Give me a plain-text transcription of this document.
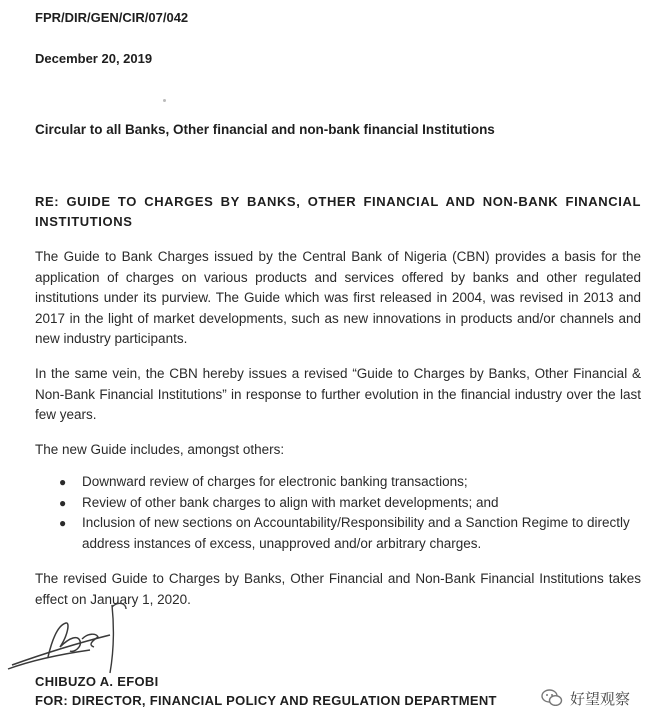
FPR/DIR/GEN/CIR/07/042
December 20, 2019
Circular to all Banks, Other financial and non-bank financial Institutions
RE: GUIDE TO CHARGES BY BANKS, OTHER FINANCIAL AND NON-BANK FINANCIAL INSTITUTIONS
The Guide to Bank Charges issued by the Central Bank of Nigeria (CBN) provides a basis for the application of charges on various products and services offered by banks and other regulated institutions under its purview. The Guide which was first released in 2004, was revised in 2013 and 2017 in the light of market developments, such as new innovations in products and/or channels and new industry participants.
In the same vein, the CBN hereby issues a revised “Guide to Charges by Banks, Other Financial & Non-Bank Financial Institutions” in response to further evolution in the financial industry over the last few years.
The new Guide includes, amongst others:
● Downward review of charges for electronic banking transactions;
● Review of other bank charges to align with market developments; and
● Inclusion of new sections on Accountability/Responsibility and a Sanction Regime to directly address instances of excess, unapproved and/or arbitrary charges.
The revised Guide to Charges by Banks, Other Financial and Non-Bank Financial Institutions takes effect on January 1, 2020.
CHIBUZO A. EFOBI
FOR: DIRECTOR, FINANCIAL POLICY AND REGULATION DEPARTMENT	好望观察
